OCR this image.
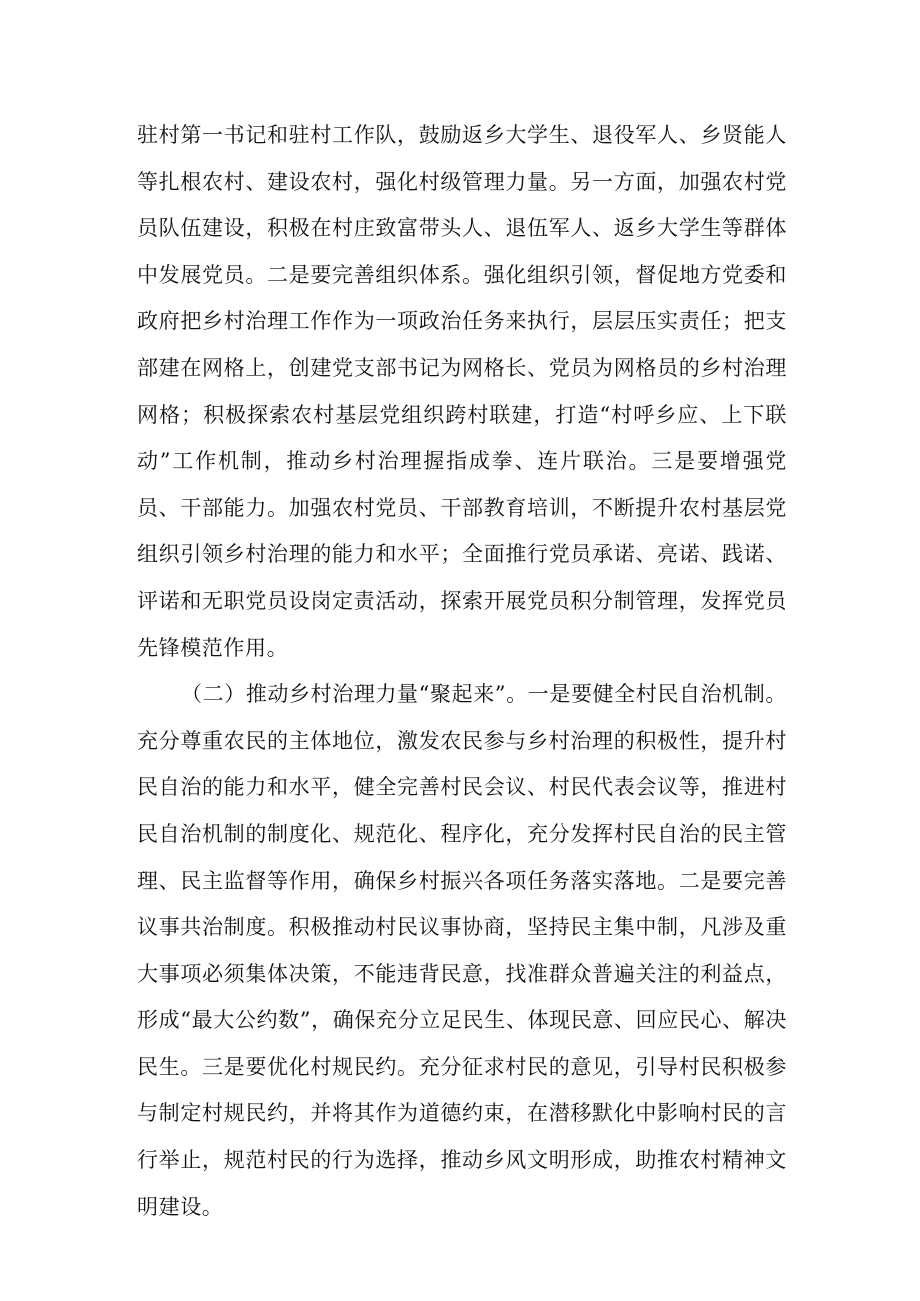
驻村第一书记和驻村工作队，鼓励返乡大学生、退役军人、乡贤能人等扎根农村、建设农村，强化村级管理力量。另一方面，加强农村党员队伍建设，积极在村庄致富带头人、退伍军人、返乡大学生等群体中发展党员。二是要完善组织体系。强化组织引领，督促地方党委和政府把乡村治理工作作为一项政治任务来执行，层层压实责任；把支部建在网格上，创建党支部书记为网格长、党员为网格员的乡村治理网格；积极探索农村基层党组织跨村联建，打造“村呼乡应、上下联动”工作机制，推动乡村治理握指成拳、连片联治。三是要增强党员、干部能力。加强农村党员、干部教育培训，不断提升农村基层党组织引领乡村治理的能力和水平；全面推行党员承诺、亮诺、践诺、评诺和无职党员设岗定责活动，探索开展党员积分制管理，发挥党员先锋模范作用。

（二）推动乡村治理力量“聚起来”。一是要健全村民自治机制。充分尊重农民的主体地位，激发农民参与乡村治理的积极性，提升村民自治的能力和水平，健全完善村民会议、村民代表会议等，推进村民自治机制的制度化、规范化、程序化，充分发挥村民自治的民主管理、民主监督等作用，确保乡村振兴各项任务落实落地。二是要完善议事共治制度。积极推动村民议事协商，坚持民主集中制，凡涉及重大事项必须集体决策，不能违背民意，找准群众普遍关注的利益点，形成“最大公约数”，确保充分立足民生、体现民意、回应民心、解决民生。三是要优化村规民约。充分征求村民的意见，引导村民积极参与制定村规民约，并将其作为道德约束，在潜移默化中影响村民的言行举止，规范村民的行为选择，推动乡风文明形成，助推农村精神文明建设。
